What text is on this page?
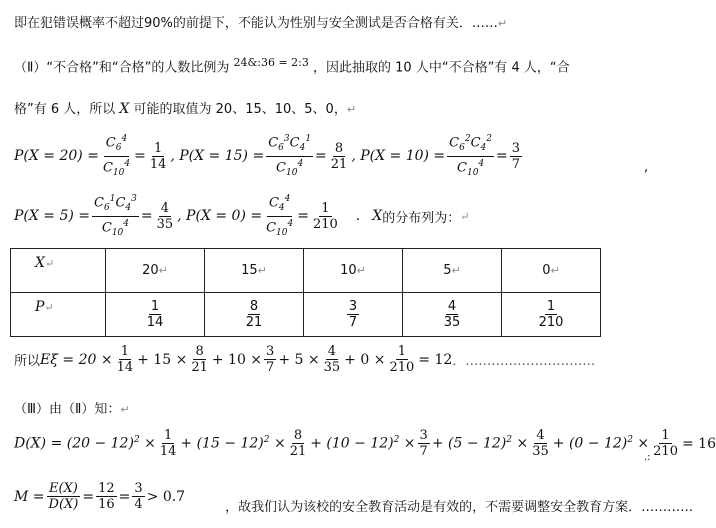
即在犯错误概率不超过90%的前提下，不能认为性别与安全测试是否合格有关．……↵
（Ⅱ）“不合格”和“合格”的人数比例为 $^{24\&:36 = 2:3}$ ，因此抽取的 10 人中“不合格”有 4 人，“合
格”有 6 人，所以 X 可能的取值为 20、15、10、5、0，↵
$P(X = 20) = \frac{C_6^4}{C_{10}^4} = \frac{1}{14}$ , $P(X = 15) = \frac{C_6^3C_4^1}{C_{10}^4} = \frac{8}{21}$ , $P(X = 10) = \frac{C_6^2C_4^2}{C_{10}^4} = \frac{3}{7}$	,
$P(X = 5) = \frac{C_6^1C_4^3}{C_{10}^4} = \frac{4}{35}$ , $P(X = 0) = \frac{C_4^4}{C_{10}^4} = \frac{1}{210}$ . X 的分布列为： ↵
X↵	20↵	15↵	10↵	5↵	0↵
P↵	$\frac{1}{14}$	$\frac{8}{21}$	$\frac{3}{7}$	$\frac{4}{35}$	$\frac{1}{210}$
所以 $E\xi = 20 \times \frac{1}{14} + 15 \times \frac{8}{21} + 10 \times \frac{3}{7} + 5 \times \frac{4}{35} + 0 \times \frac{1}{210} = 12$ ．…………………………
（Ⅲ）由（Ⅱ）知：↵
$D(X) = (20 - 12)^2 \times \frac{1}{14} + (15 - 12)^2 \times \frac{8}{21} + (10 - 12)^2 \times \frac{3}{7} + (5 - 12)^2 \times \frac{4}{35} + (0 - 12)^2 \times \frac{1}{210} = 16$
.:
$M = \frac{E(X)}{D(X)} = \frac{12}{16} = \frac{3}{4} > 0.7$
，故我们认为该校的安全教育活动是有效的，不需要调整安全教育方案．…………
